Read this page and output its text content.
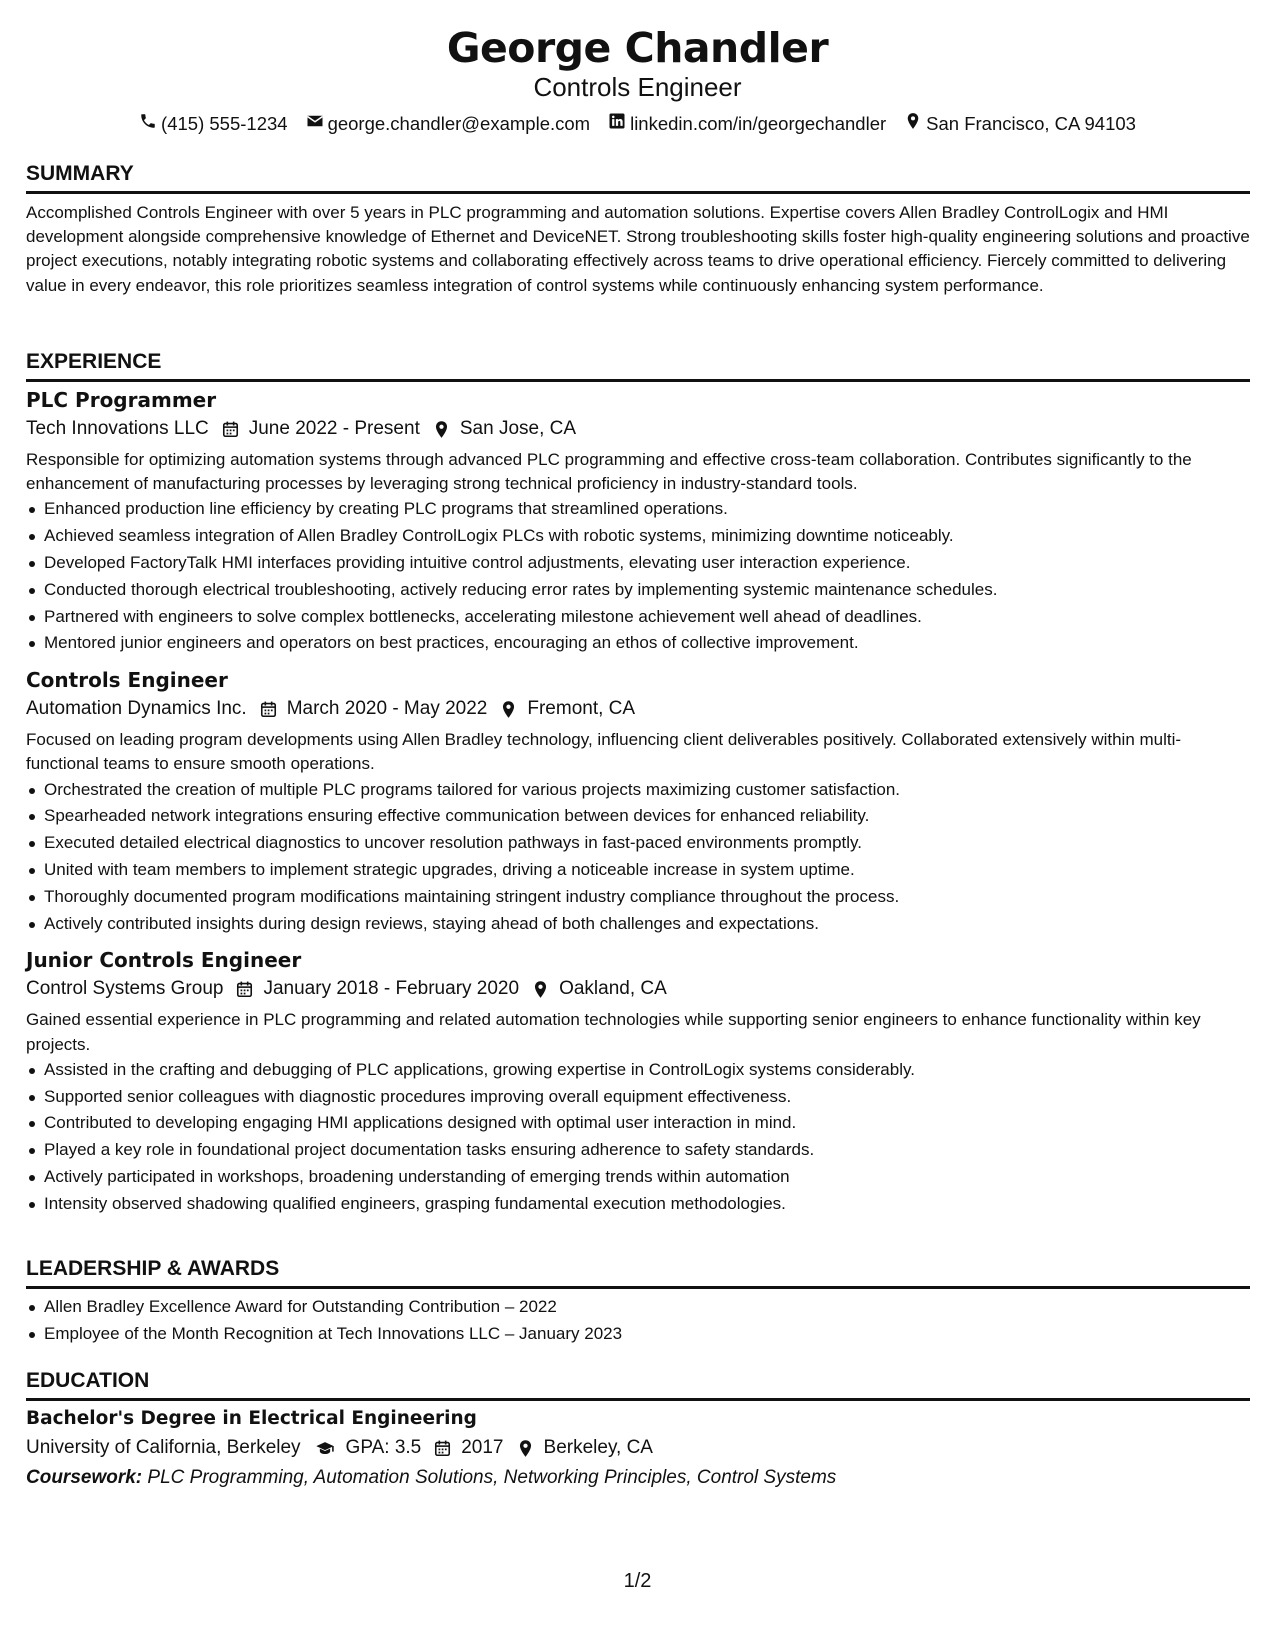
George Chandler
Controls Engineer
(415) 555-1234 george.chandler@example.com linkedin.com/in/georgechandler San Francisco, CA 94103
SUMMARY
Accomplished Controls Engineer with over 5 years in PLC programming and automation solutions. Expertise covers Allen Bradley ControlLogix and HMI development alongside comprehensive knowledge of Ethernet and DeviceNET. Strong troubleshooting skills foster high-quality engineering solutions and proactive project executions, notably integrating robotic systems and collaborating effectively across teams to drive operational efficiency. Fiercely committed to delivering value in every endeavor, this role prioritizes seamless integration of control systems while continuously enhancing system performance.
EXPERIENCE
PLC Programmer
Tech Innovations LLC June 2022 - Present San Jose, CA
Responsible for optimizing automation systems through advanced PLC programming and effective cross-team collaboration. Contributes significantly to the enhancement of manufacturing processes by leveraging strong technical proficiency in industry-standard tools.
Enhanced production line efficiency by creating PLC programs that streamlined operations.
Achieved seamless integration of Allen Bradley ControlLogix PLCs with robotic systems, minimizing downtime noticeably.
Developed FactoryTalk HMI interfaces providing intuitive control adjustments, elevating user interaction experience.
Conducted thorough electrical troubleshooting, actively reducing error rates by implementing systemic maintenance schedules.
Partnered with engineers to solve complex bottlenecks, accelerating milestone achievement well ahead of deadlines.
Mentored junior engineers and operators on best practices, encouraging an ethos of collective improvement.
Controls Engineer
Automation Dynamics Inc. March 2020 - May 2022 Fremont, CA
Focused on leading program developments using Allen Bradley technology, influencing client deliverables positively. Collaborated extensively within multi-functional teams to ensure smooth operations.
Orchestrated the creation of multiple PLC programs tailored for various projects maximizing customer satisfaction.
Spearheaded network integrations ensuring effective communication between devices for enhanced reliability.
Executed detailed electrical diagnostics to uncover resolution pathways in fast-paced environments promptly.
United with team members to implement strategic upgrades, driving a noticeable increase in system uptime.
Thoroughly documented program modifications maintaining stringent industry compliance throughout the process.
Actively contributed insights during design reviews, staying ahead of both challenges and expectations.
Junior Controls Engineer
Control Systems Group January 2018 - February 2020 Oakland, CA
Gained essential experience in PLC programming and related automation technologies while supporting senior engineers to enhance functionality within key projects.
Assisted in the crafting and debugging of PLC applications, growing expertise in ControlLogix systems considerably.
Supported senior colleagues with diagnostic procedures improving overall equipment effectiveness.
Contributed to developing engaging HMI applications designed with optimal user interaction in mind.
Played a key role in foundational project documentation tasks ensuring adherence to safety standards.
Actively participated in workshops, broadening understanding of emerging trends within automation
Intensity observed shadowing qualified engineers, grasping fundamental execution methodologies.
LEADERSHIP & AWARDS
Allen Bradley Excellence Award for Outstanding Contribution – 2022
Employee of the Month Recognition at Tech Innovations LLC – January 2023
EDUCATION
Bachelor's Degree in Electrical Engineering
University of California, Berkeley GPA: 3.5 2017 Berkeley, CA
Coursework: PLC Programming, Automation Solutions, Networking Principles, Control Systems
1/2
